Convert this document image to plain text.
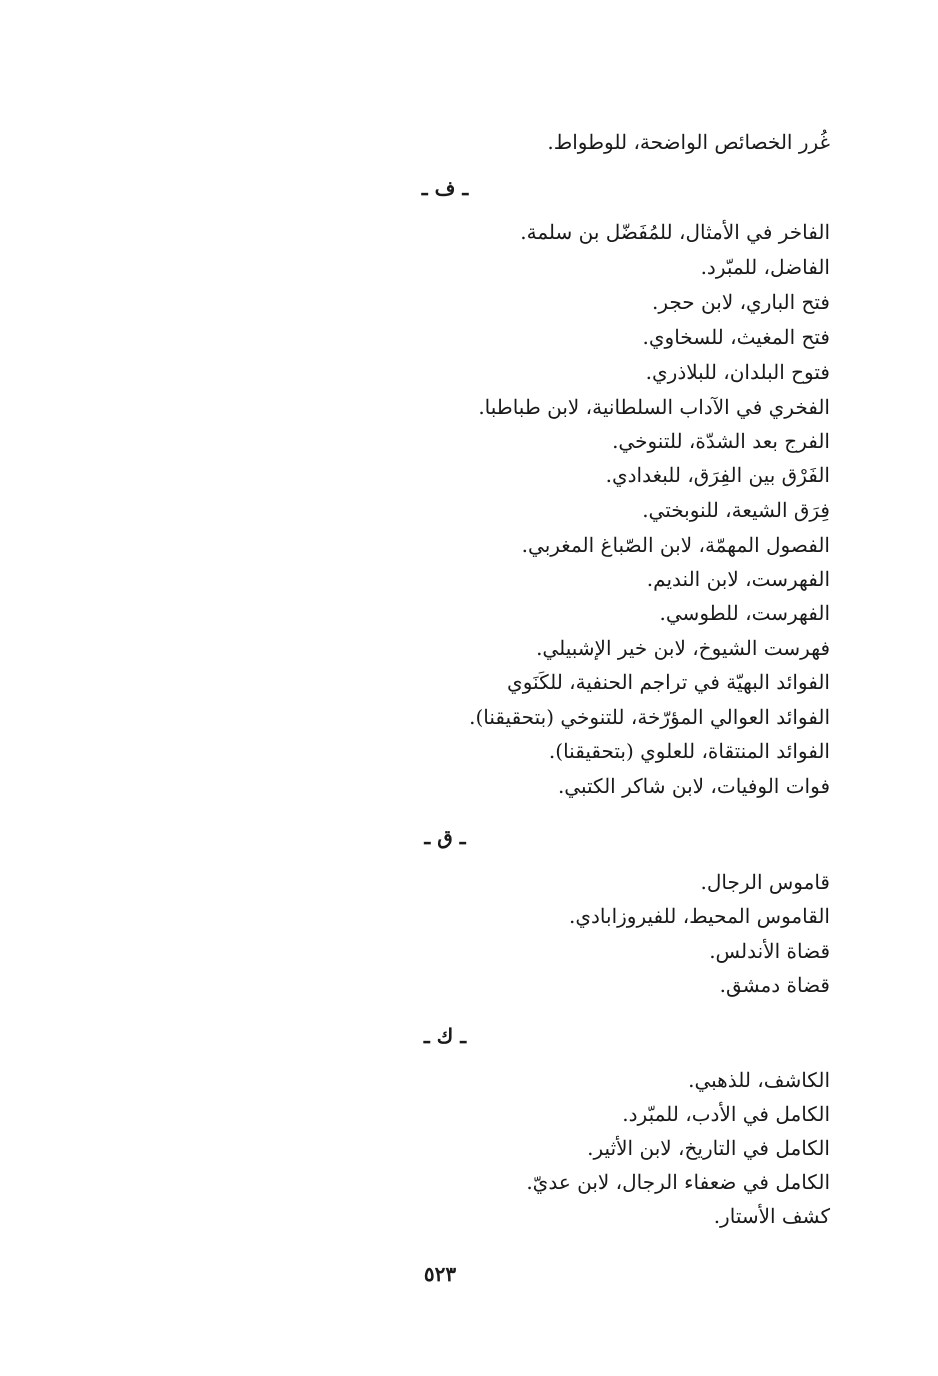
غُرر الخصائص الواضحة، للوطواط.
ـ ف ـ
الفاخر في الأمثال، للمُفَضّل بن سلمة.
الفاضل، للمبّرد.
فتح الباري، لابن حجر.
فتح المغيث، للسخاوي.
فتوح البلدان، للبلاذري.
الفخري في الآداب السلطانية، لابن طباطبا.
الفرج بعد الشدّة، للتنوخي.
الفَرْق بين الفِرَق، للبغدادي.
فِرَق الشيعة، للنوبختي.
الفصول المهمّة، لابن الصّباغ المغربي.
الفهرست، لابن النديم.
الفهرست، للطوسي.
فهرست الشيوخ، لابن خير الإشبيلي.
الفوائد البهيّة في تراجم الحنفية، للكَنَوي
الفوائد العوالي المؤرّخة، للتنوخي (بتحقيقنا).
الفوائد المنتقاة، للعلوي (بتحقيقنا).
فوات الوفيات، لابن شاكر الكتبي.
ـ ق ـ
قاموس الرجال.
القاموس المحيط، للفيروزابادي.
قضاة الأندلس.
قضاة دمشق.
ـ ك ـ
الكاشف، للذهبي.
الكامل في الأدب، للمبّرد.
الكامل في التاريخ، لابن الأثير.
الكامل في ضعفاء الرجال، لابن عديّ.
كشف الأستار.
٥٢٣
